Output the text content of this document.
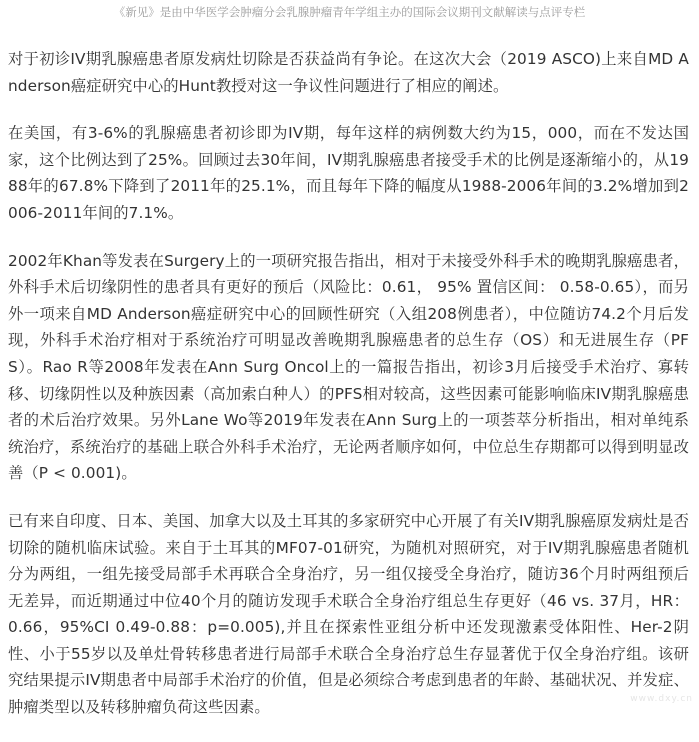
《新见》是由中华医学会肿瘤分会乳腺肿瘤青年学组主办的国际会议期刊文献解读与点评专栏

对于初诊IV期乳腺癌患者原发病灶切除是否获益尚有争论。在这次大会（2019 ASCO)上来自MD Anderson癌症研究中心的Hunt教授对这一争议性问题进行了相应的阐述。

在美国，有3-6%的乳腺癌患者初诊即为IV期，每年这样的病例数大约为15，000，而在不发达国家，这个比例达到了25%。回顾过去30年间，IV期乳腺癌患者接受手术的比例是逐渐缩小的，从1988年的67.8%下降到了2011年的25.1%，而且每年下降的幅度从1988-2006年间的3.2%增加到2006-2011年间的7.1%。

2002年Khan等发表在Surgery上的一项研究报告指出，相对于未接受外科手术的晚期乳腺癌患者，外科手术后切缘阴性的患者具有更好的预后（风险比：0.61， 95% 置信区间： 0.58-0.65），而另外一项来自MD Anderson癌症研究中心的回顾性研究（入组208例患者），中位随访74.2个月后发现，外科手术治疗相对于系统治疗可明显改善晚期乳腺癌患者的总生存（OS）和无进展生存（PFS）。Rao R等2008年发表在Ann Surg Oncol上的一篇报告指出，初诊3月后接受手术治疗、寡转移、切缘阴性以及种族因素（高加索白种人）的PFS相对较高，这些因素可能影响临床IV期乳腺癌患者的术后治疗效果。另外Lane Wo等2019年发表在Ann Surg上的一项荟萃分析指出，相对单纯系统治疗，系统治疗的基础上联合外科手术治疗，无论两者顺序如何，中位总生存期都可以得到明显改善（P < 0.001)。

已有来自印度、日本、美国、加拿大以及土耳其的多家研究中心开展了有关IV期乳腺癌原发病灶是否切除的随机临床试验。来自于土耳其的MF07-01研究，为随机对照研究，对于IV期乳腺癌患者随机分为两组，一组先接受局部手术再联合全身治疗，另一组仅接受全身治疗，随访36个月时两组预后无差异，而近期通过中位40个月的随访发现手术联合全身治疗组总生存更好（46 vs. 37月，HR：0.66，95%CI 0.49-0.88：p=0.005),并且在探索性亚组分析中还发现激素受体阳性、Her-2阴性、小于55岁以及单灶骨转移患者进行局部手术联合全身治疗总生存显著优于仅全身治疗组。该研究结果提示IV期患者中局部手术治疗的价值，但是必须综合考虑到患者的年龄、基础状况、并发症、肿瘤类型以及转移肿瘤负荷这些因素。	www.dxy.cn
